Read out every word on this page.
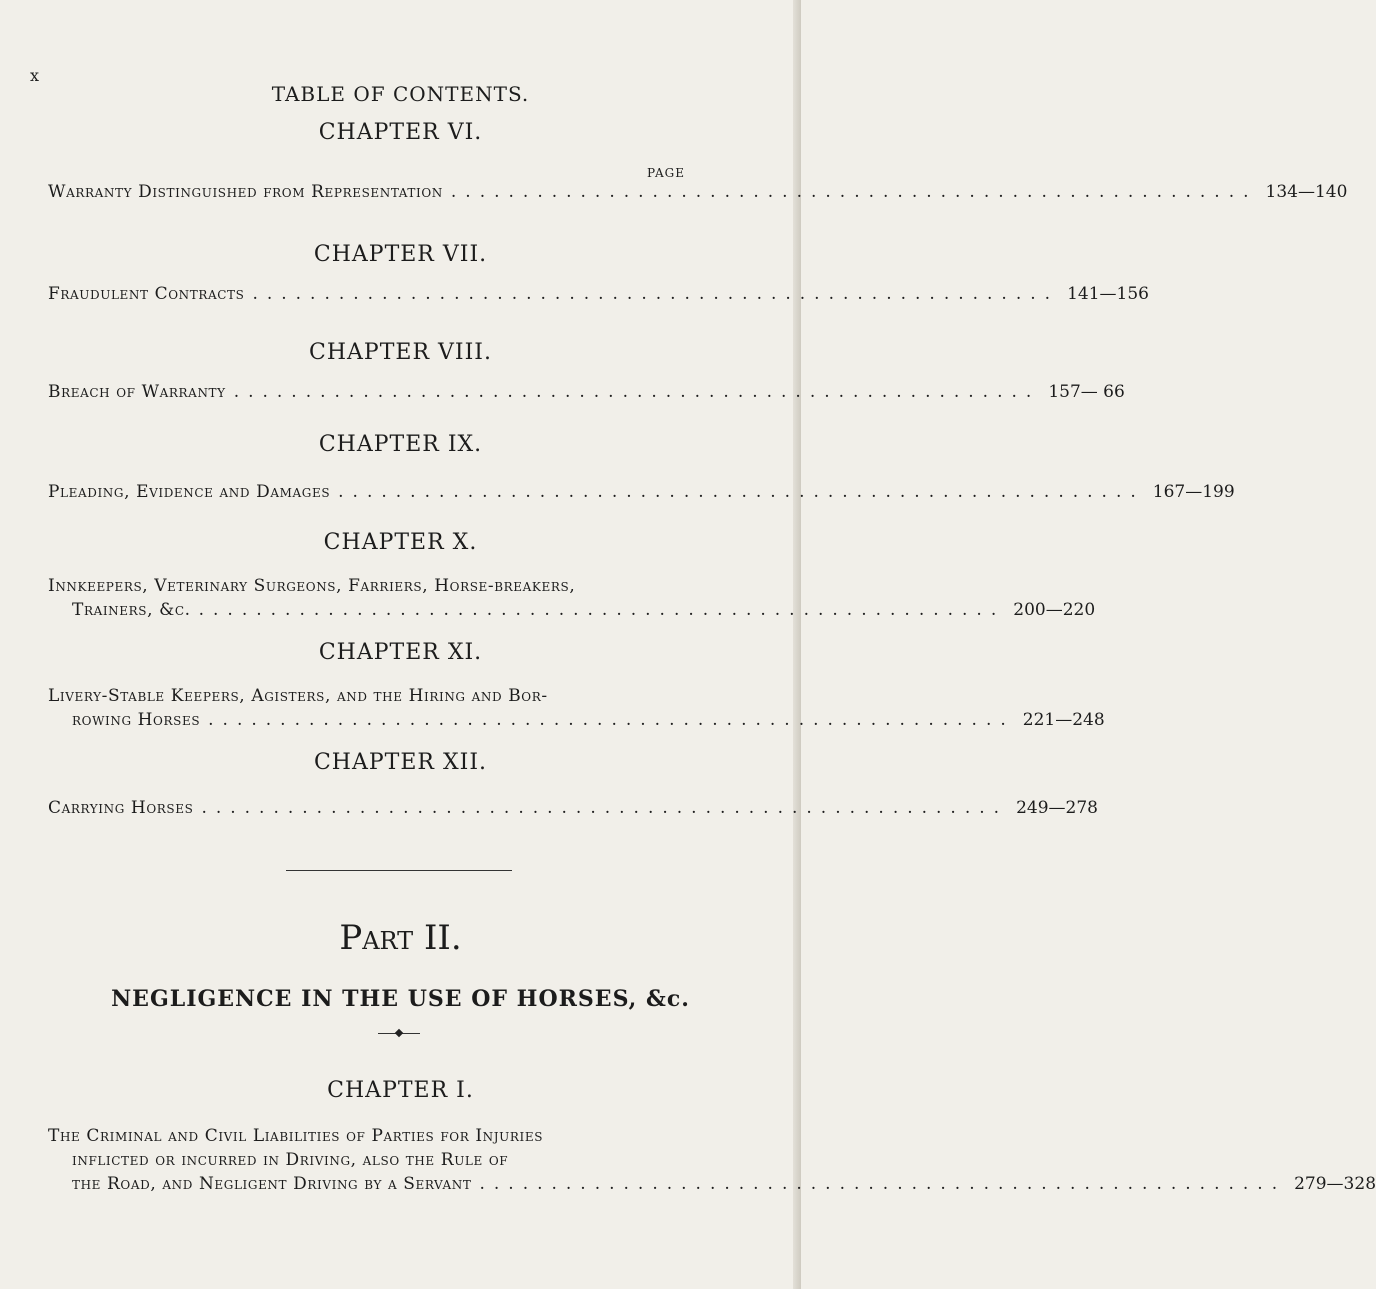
x
TABLE OF CONTENTS.
PAGE
CHAPTER VI.
Warranty Distinguished from Representation ........................................................ 134—140
CHAPTER VII.
Fraudulent Contracts ........................................................ 141—156
CHAPTER VIII.
Breach of Warranty ........................................................ 157— 66
CHAPTER IX.
Pleading, Evidence and Damages ........................................................ 167—199
CHAPTER X.
Innkeepers, Veterinary Surgeons, Farriers, Horse-breakers,
Trainers, &c. ........................................................ 200—220
CHAPTER XI.
Livery-Stable Keepers, Agisters, and the Hiring and Bor-
rowing Horses ........................................................ 221—248
CHAPTER XII.
Carrying Horses ........................................................ 249—278
Part II.
NEGLIGENCE IN THE USE OF HORSES, &c.
CHAPTER I.
The Criminal and Civil Liabilities of Parties for Injuries
inflicted or incurred in Driving, also the Rule of
the Road, and Negligent Driving by a Servant ........................................................ 279—328
